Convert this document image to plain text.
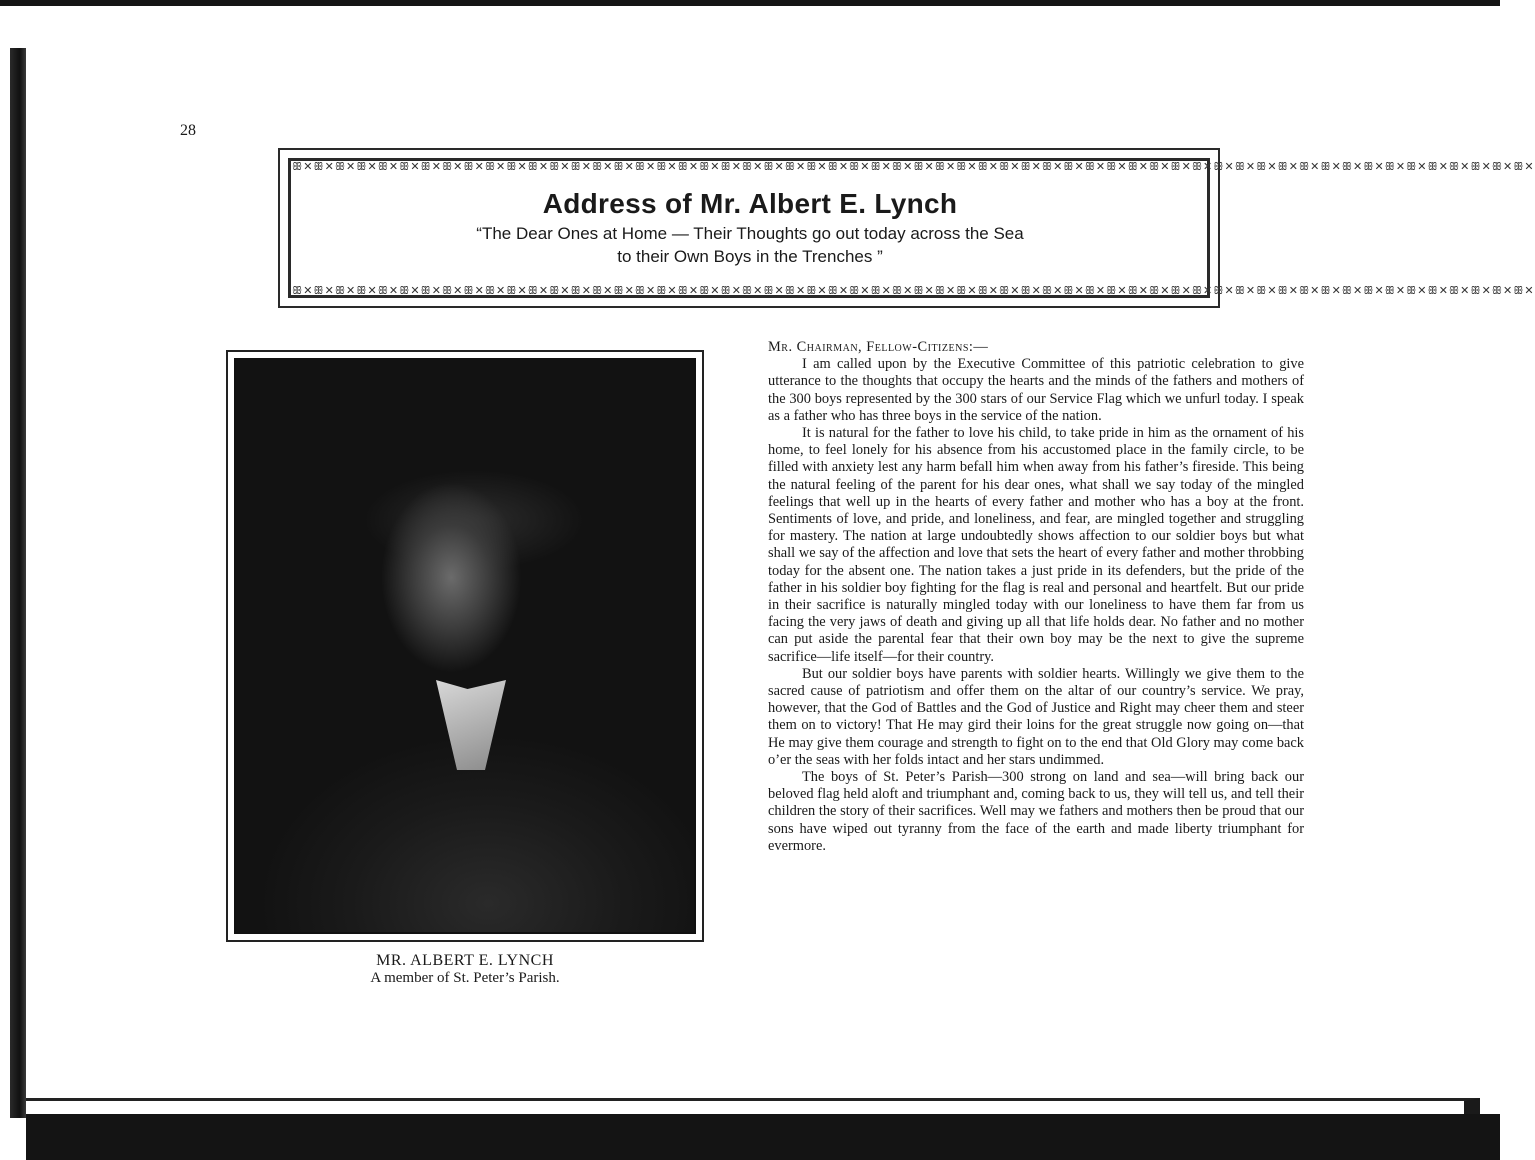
28
ꕥ✕ꕥ✕ꕥ✕ꕥ✕ꕥ✕ꕥ✕ꕥ✕ꕥ✕ꕥ✕ꕥ✕ꕥ✕ꕥ✕ꕥ✕ꕥ✕ꕥ✕ꕥ✕ꕥ✕ꕥ✕ꕥ✕ꕥ✕ꕥ✕ꕥ✕ꕥ✕ꕥ✕ꕥ✕ꕥ✕ꕥ✕ꕥ✕ꕥ✕ꕥ✕ꕥ✕ꕥ✕ꕥ✕ꕥ✕ꕥ✕ꕥ✕ꕥ✕ꕥ✕ꕥ✕ꕥ✕ꕥ✕ꕥ✕ꕥ✕ꕥ✕ꕥ✕ꕥ✕ꕥ✕ꕥ✕ꕥ✕ꕥ✕ꕥ✕ꕥ✕ꕥ✕ꕥ✕ꕥ✕ꕥ✕ꕥ✕ꕥ✕
ꕥ✕ꕥ✕ꕥ✕ꕥ✕ꕥ✕ꕥ✕ꕥ✕ꕥ✕ꕥ✕ꕥ✕ꕥ✕ꕥ✕ꕥ✕ꕥ✕ꕥ✕ꕥ✕ꕥ✕ꕥ✕ꕥ✕ꕥ✕ꕥ✕ꕥ✕ꕥ✕ꕥ✕ꕥ✕ꕥ✕ꕥ✕ꕥ✕ꕥ✕ꕥ✕ꕥ✕ꕥ✕ꕥ✕ꕥ✕ꕥ✕ꕥ✕ꕥ✕ꕥ✕ꕥ✕ꕥ✕ꕥ✕ꕥ✕ꕥ✕ꕥ✕ꕥ✕ꕥ✕ꕥ✕ꕥ✕ꕥ✕ꕥ✕ꕥ✕ꕥ✕ꕥ✕ꕥ✕ꕥ✕ꕥ✕ꕥ✕ꕥ✕
Address of Mr. Albert E. Lynch
“The Dear Ones at Home — Their Thoughts go out today across the Sea
to their Own Boys in the Trenches ”
MR. ALBERT E. LYNCH
A member of St. Peter’s Parish.

Mr. Chairman, Fellow-Citizens:—

I am called upon by the Executive Committee of this patriotic celebration to give utterance to the thoughts that occupy the hearts and the minds of the fathers and mothers of the 300 boys represented by the 300 stars of our Service Flag which we unfurl today. I speak as a father who has three boys in the service of the nation.

It is natural for the father to love his child, to take pride in him as the ornament of his home, to feel lonely for his absence from his accustomed place in the family circle, to be filled with anxiety lest any harm befall him when away from his father’s fireside. This being the natural feeling of the parent for his dear ones, what shall we say today of the mingled feelings that well up in the hearts of every father and mother who has a boy at the front. Sentiments of love, and pride, and loneliness, and fear, are mingled together and struggling for mastery. The nation at large undoubtedly shows affection to our soldier boys but what shall we say of the affection and love that sets the heart of every father and mother throbbing today for the absent one. The nation takes a just pride in its defenders, but the pride of the father in his soldier boy fighting for the flag is real and personal and heartfelt. But our pride in their sacrifice is naturally mingled today with our loneliness to have them far from us facing the very jaws of death and giving up all that life holds dear. No father and no mother can put aside the parental fear that their own boy may be the next to give the supreme sacrifice—life itself—for their country.

But our soldier boys have parents with soldier hearts. Willingly we give them to the sacred cause of patriotism and offer them on the altar of our country’s service. We pray, however, that the God of Battles and the God of Justice and Right may cheer them and steer them on to victory! That He may gird their loins for the great struggle now going on—that He may give them courage and strength to fight on to the end that Old Glory may come back o’er the seas with her folds intact and her stars undimmed.

The boys of St. Peter’s Parish—300 strong on land and sea—will bring back our beloved flag held aloft and triumphant and, coming back to us, they will tell us, and tell their children the story of their sacrifices. Well may we fathers and mothers then be proud that our sons have wiped out tyranny from the face of the earth and made liberty triumphant for evermore.
